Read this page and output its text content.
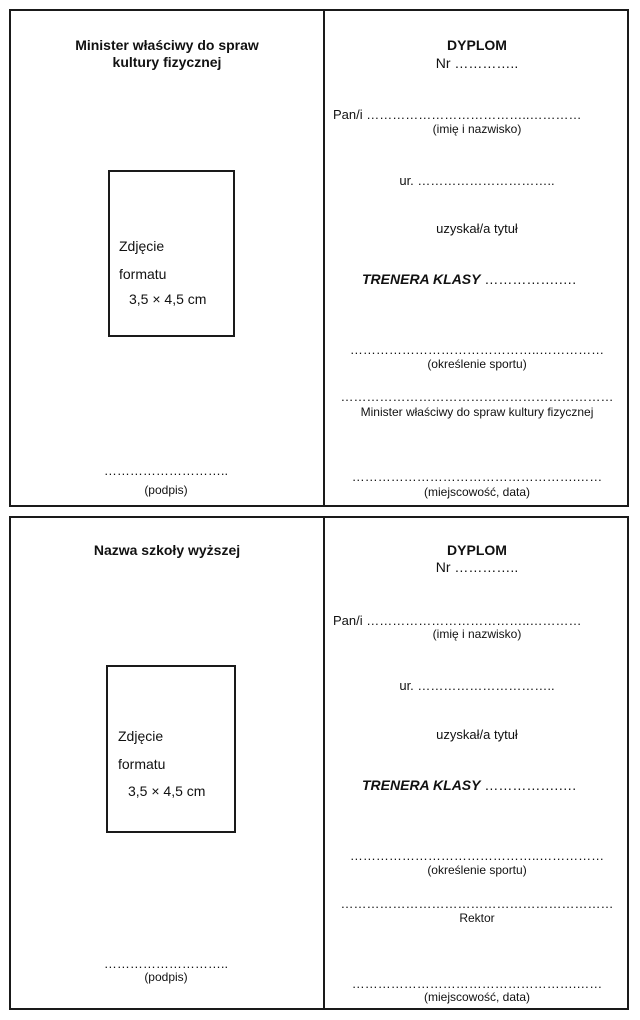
Minister właściwy do spraw
kultury fizycznej
Zdjęcie
formatu
3,5 × 4,5 cm
………………………..
(podpis)
DYPLOM
Nr …………..
Pan/i ………………………………..…………
(imię i nazwisko)
ur. …………………………..
uzyskał/a tytuł
TRENERA KLASY …………….….
……………………………………..……………
(określenie sportu)
………………………………………………………
Minister właściwy do spraw kultury fizycznej
…………………………………………….……
(miejscowość, data)
Nazwa szkoły wyższej
Zdjęcie
formatu
3,5 × 4,5 cm
………………………..
(podpis)
DYPLOM
Nr …………..
Pan/i ………………………………..…………
(imię i nazwisko)
ur. …………………………..
uzyskał/a tytuł
TRENERA KLASY …………….….
……………………………………..……………
(określenie sportu)
………………………………………………………
Rektor
…………………………………………….……
(miejscowość, data)
